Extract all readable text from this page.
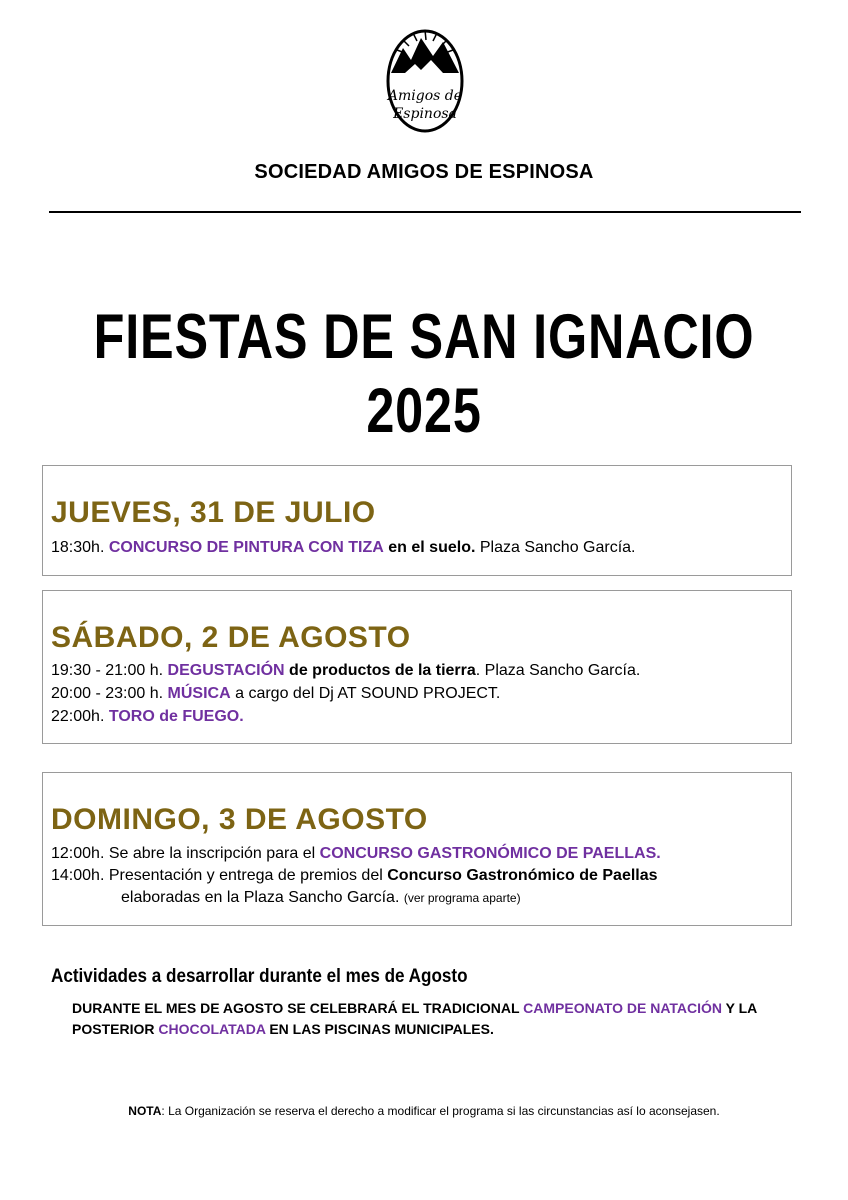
Amigos de
Espinosa
SOCIEDAD AMIGOS DE ESPINOSA
FIESTAS DE SAN IGNACIO 2025
JUEVES, 31 DE JULIO
18:30h. CONCURSO DE PINTURA CON TIZA en el suelo. Plaza Sancho García.
SÁBADO, 2 DE AGOSTO
19:30 - 21:00 h. DEGUSTACIÓN de productos de la tierra. Plaza Sancho García.
20:00 - 23:00 h. MÚSICA a cargo del Dj AT SOUND PROJECT.
22:00h. TORO de FUEGO.
DOMINGO, 3 DE AGOSTO
12:00h. Se abre la inscripción para el CONCURSO GASTRONÓMICO DE PAELLAS.
14:00h. Presentación y entrega de premios del Concurso Gastronómico de Paellas
elaboradas en la Plaza Sancho García. (ver programa aparte)
Actividades a desarrollar durante el mes de Agosto
DURANTE EL MES DE AGOSTO SE CELEBRARÁ EL TRADICIONAL CAMPEONATO DE NATACIÓN Y LA POSTERIOR CHOCOLATADA EN LAS PISCINAS MUNICIPALES.
NOTA: La Organización se reserva el derecho a modificar el programa si las circunstancias así lo aconsejasen.
